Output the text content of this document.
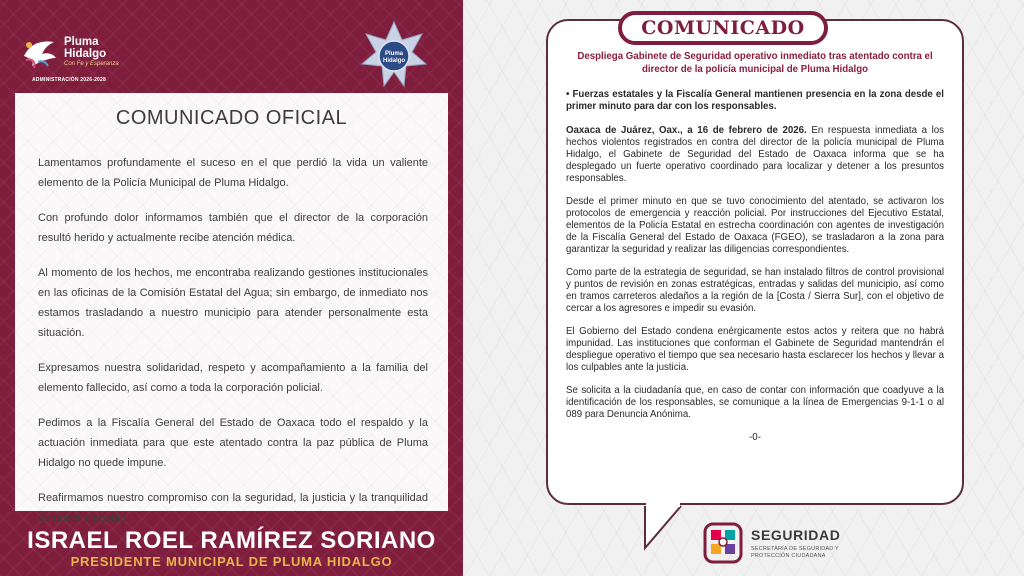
Pluma
Hidalgo
Con Fe y Esperanza
ADMINISTRACIÓN 2026-2028
Pluma
Hidalgo
COMUNICADO OFICIAL

Lamentamos profundamente el suceso en el que perdió la vida un valiente elemento de la Policía Municipal de Pluma Hidalgo.

Con profundo dolor informamos también que el director de la corporación resultó herido y actualmente recibe atención médica.

Al momento de los hechos, me encontraba realizando gestiones institucionales en las oficinas de la Comisión Estatal del Agua; sin embargo, de inmediato nos estamos trasladando a nuestro municipio para atender personalmente esta situación.

Expresamos nuestra solidaridad, respeto y acompañamiento a la familia del elemento fallecido, así como a toda la corporación policial.

Pedimos a la Fiscalía General del Estado de Oaxaca todo el respaldo y la actuación inmediata para que este atentado contra la paz pública de Pluma Hidalgo no quede impune.

Reafirmamos nuestro compromiso con la seguridad, la justicia y la tranquilidad de nuestro pueblo.

ISRAEL ROEL RAMÍREZ SORIANO
PRESIDENTE MUNICIPAL DE PLUMA HIDALGO
COMUNICADO
Despliega Gabinete de Seguridad operativo inmediato tras atentado contra el director de la policía municipal de Pluma Hidalgo
• Fuerzas estatales y la Fiscalía General mantienen presencia en la zona desde el primer minuto para dar con los responsables.

Oaxaca de Juárez, Oax., a 16 de febrero de 2026. En respuesta inmediata a los hechos violentos registrados en contra del director de la policía municipal de Pluma Hidalgo, el Gabinete de Seguridad del Estado de Oaxaca informa que se ha desplegado un fuerte operativo coordinado para localizar y detener a los presuntos responsables.

Desde el primer minuto en que se tuvo conocimiento del atentado, se activaron los protocolos de emergencia y reacción policial. Por instrucciones del Ejecutivo Estatal, elementos de la Policía Estatal en estrecha coordinación con agentes de investigación de la Fiscalía General del Estado de Oaxaca (FGEO), se trasladaron a la zona para garantizar la seguridad y realizar las diligencias correspondientes.

Como parte de la estrategia de seguridad, se han instalado filtros de control provisional y puntos de revisión en zonas estratégicas, entradas y salidas del municipio, así como en tramos carreteros aledaños a la región de la [Costa / Sierra Sur], con el objetivo de cercar a los agresores e impedir su evasión.

El Gobierno del Estado condena enérgicamente estos actos y reitera que no habrá impunidad. Las instituciones que conforman el Gabinete de Seguridad mantendrán el despliegue operativo el tiempo que sea necesario hasta esclarecer los hechos y llevar a los culpables ante la justicia.

Se solicita a la ciudadanía que, en caso de contar con información que coadyuve a la identificación de los responsables, se comunique a la línea de Emergencias 9-1-1 o al 089 para Denuncia Anónima.

-0-
SEGURIDAD
SECRETARÍA DE SEGURIDAD Y PROTECCIÓN CIUDADANA
